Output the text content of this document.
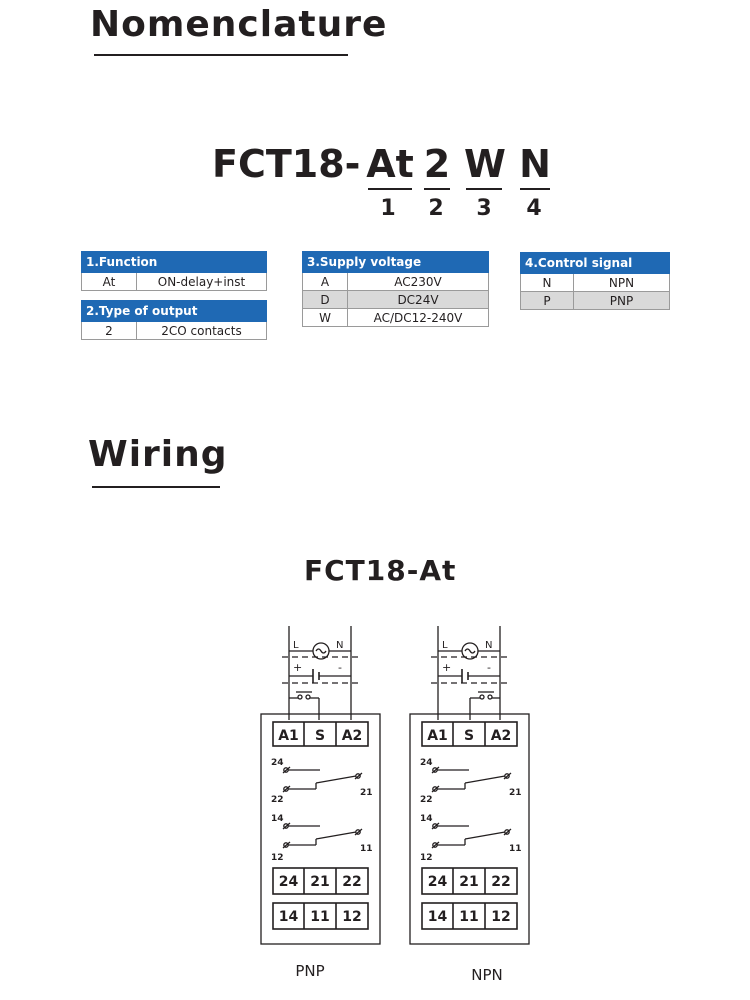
Nomenclature
FCT18- At
1
2
2
W
3
N
4
1.Function
At	ON-delay+inst
2.Type of output
2	2CO contacts
3.Supply voltage	
A	AC230V
D	DC24V
W	AC/DC12-240V
4.Control signal	
N	NPN
P	PNP
Wiring
FCT18-At
L	N
+	-
A1 S A2
24
22
21
14
12
11
24 21 22
14 11 12
L	N
+	-
A1 S A2
24
22
21
14
12
11
24 21 22
14 11 12
PNP	NPN
